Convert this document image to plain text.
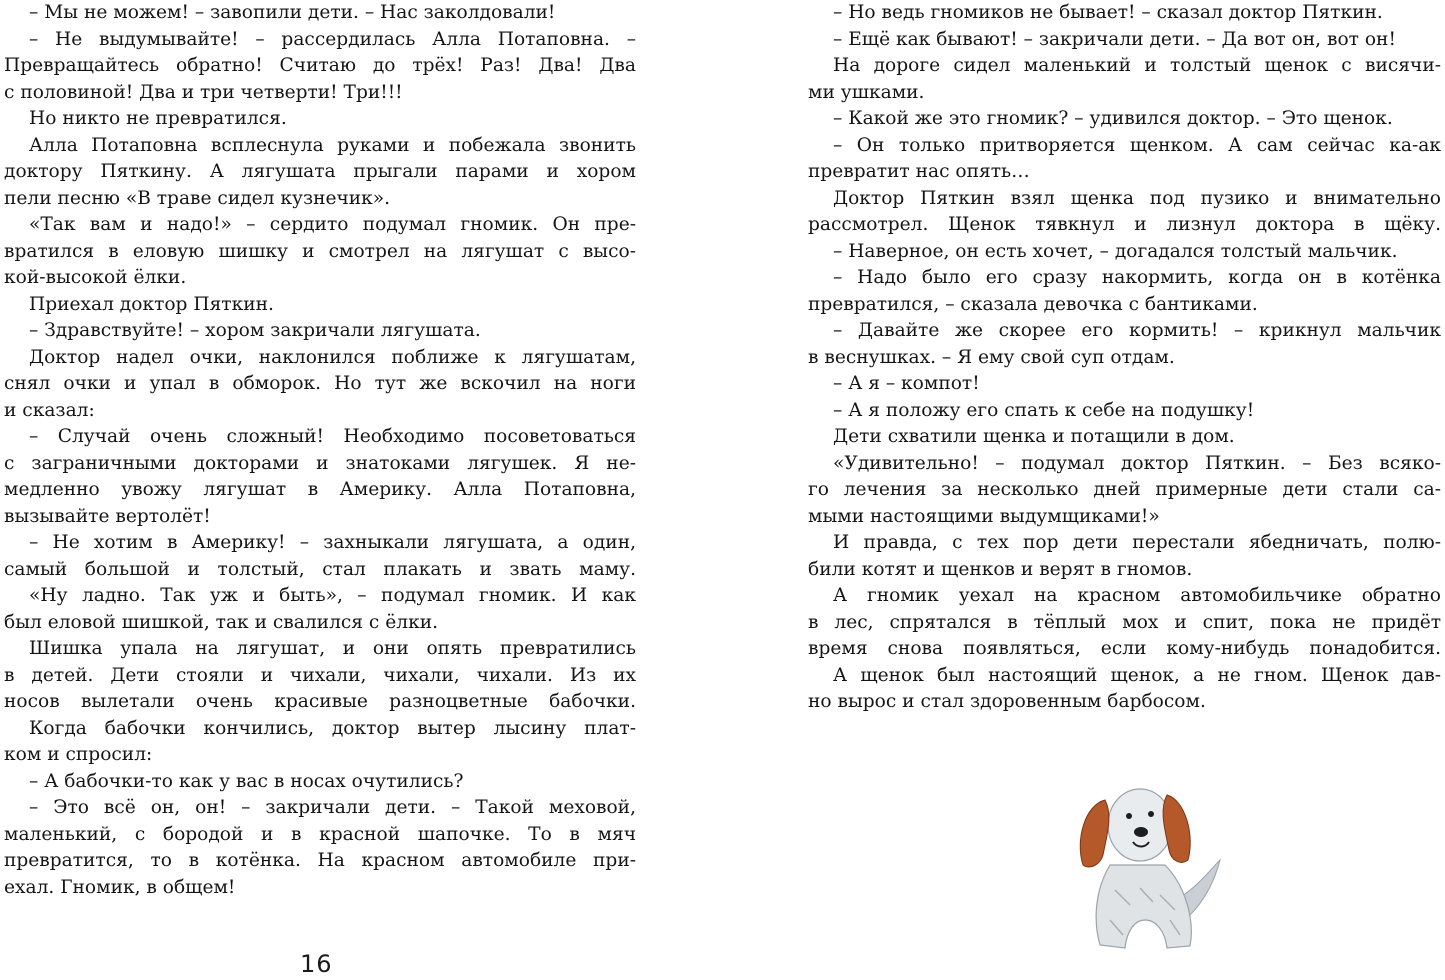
– Мы не можем! – завопили дети. – Нас заколдовали!
– Не выдумывайте! – рассердилась Алла Потаповна. –
Превращайтесь обратно! Считаю до трёх! Раз! Два! Два
с половиной! Два и три четверти! Три!!!
Но никто не превратился.
Алла Потаповна всплеснула руками и побежала звонить
доктору Пяткину. А лягушата прыгали парами и хором
пели песню «В траве сидел кузнечик».
«Так вам и надо!» – сердито подумал гномик. Он пре-
вратился в еловую шишку и смотрел на лягушат с высо-
кой-высокой ёлки.
Приехал доктор Пяткин.
– Здравствуйте! – хором закричали лягушата.
Доктор надел очки, наклонился поближе к лягушатам,
снял очки и упал в обморок. Но тут же вскочил на ноги
и сказал:
– Случай очень сложный! Необходимо посоветоваться
с заграничными докторами и знатоками лягушек. Я не-
медленно увожу лягушат в Америку. Алла Потаповна,
вызывайте вертолёт!
– Не хотим в Америку! – захныкали лягушата, а один,
самый большой и толстый, стал плакать и звать маму.
«Ну ладно. Так уж и быть», – подумал гномик. И как
был еловой шишкой, так и свалился с ёлки.
Шишка упала на лягушат, и они опять превратились
в детей. Дети стояли и чихали, чихали, чихали. Из их
носов вылетали очень красивые разноцветные бабочки.
Когда бабочки кончились, доктор вытер лысину плат-
ком и спросил:
– А бабочки-то как у вас в носах очутились?
– Это всё он, он! – закричали дети. – Такой меховой,
маленький, с бородой и в красной шапочке. То в мяч
превратится, то в котёнка. На красном автомобиле при-
ехал. Гномик, в общем!
– Но ведь гномиков не бывает! – сказал доктор Пяткин.
– Ещё как бывают! – закричали дети. – Да вот он, вот он!
На дороге сидел маленький и толстый щенок с висячи-
ми ушками.
– Какой же это гномик? – удивился доктор. – Это щенок.
– Он только притворяется щенком. А сам сейчас ка-ак
превратит нас опять…
Доктор Пяткин взял щенка под пузико и внимательно
рассмотрел. Щенок тявкнул и лизнул доктора в щёку.
– Наверное, он есть хочет, – догадался толстый мальчик.
– Надо было его сразу накормить, когда он в котёнка
превратился, – сказала девочка с бантиками.
– Давайте же скорее его кормить! – крикнул мальчик
в веснушках. – Я ему свой суп отдам.
– А я – компот!
– А я положу его спать к себе на подушку!
Дети схватили щенка и потащили в дом.
«Удивительно! – подумал доктор Пяткин. – Без всяко-
го лечения за несколько дней примерные дети стали са-
мыми настоящими выдумщиками!»
И правда, с тех пор дети перестали ябедничать, полю-
били котят и щенков и верят в гномов.
А гномик уехал на красном автомобильчике обратно
в лес, спрятался в тёплый мох и спит, пока не придёт
время снова появляться, если кому-нибудь понадобится.
А щенок был настоящий щенок, а не гном. Щенок дав-
но вырос и стал здоровенным барбосом.
16
